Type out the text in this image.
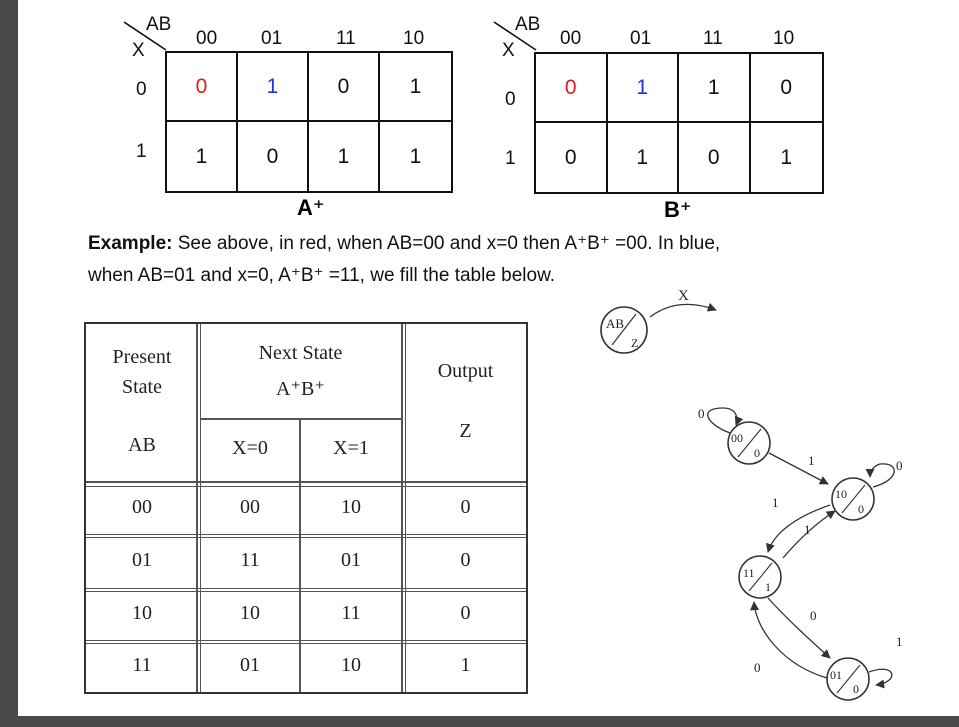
AB
X
00 01	11 10
0
1
0	1	0	1
1	0	1	1
A⁺
AB
X
00	01	11	10
0
1
0	1	1	0
0	1	0	1
B⁺
Example: See above, in red, when AB=00 and x=0 then A⁺B⁺ =00. In blue,
when AB=01 and x=0, A⁺B⁺ =11, we fill the table below.
Present
State
AB
Next State
A⁺B⁺
X=0	X=1
Output
Z
00	00	10	0
01	11	01	0
10	10	11	0
11	01	10	1
AB
Z
X
00
0
10
0
11
1
01
0
0
1	0
1
1
0
0
1
